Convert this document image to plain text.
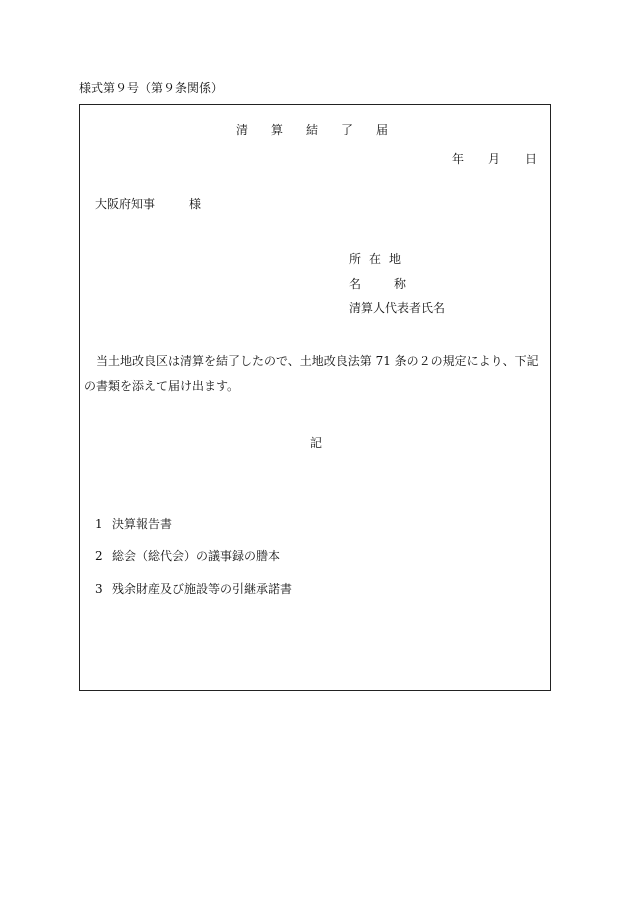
様式第９号（第９条関係）
清算結了届
年 月 日
大阪府知事	様
所在地
名称
清算人代表者氏名
当土地改良区は清算を結了したので、土地改良法第 71 条の２の規定により、下記の書類を添えて届け出ます。
記
1 決算報告書
2 総会（総代会）の議事録の謄本
3 残余財産及び施設等の引継承諾書
